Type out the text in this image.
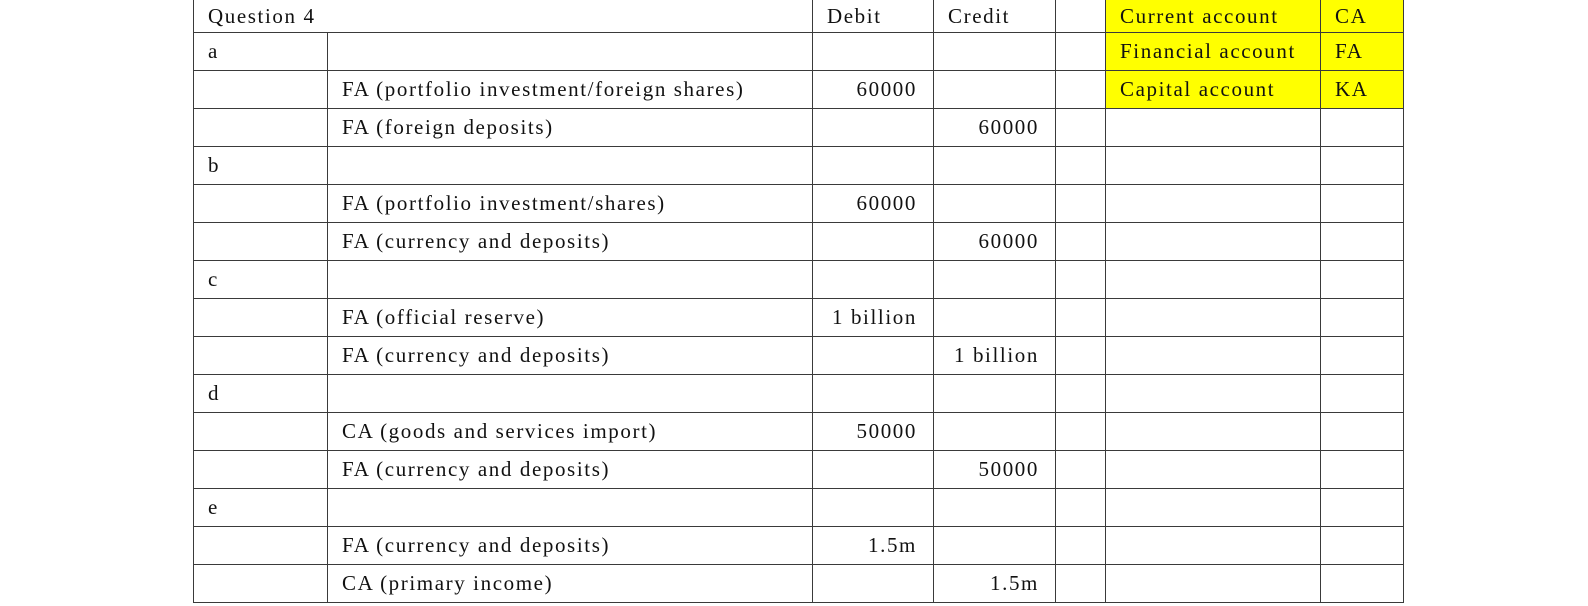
Question 4		Debit	Credit		Current account	CA
a					Financial account	FA
	FA (portfolio investment/foreign shares)	60000			Capital account	KA
	FA (foreign deposits)		60000			
b						
	FA (portfolio investment/shares)	60000				
	FA (currency and deposits)		60000			
c						
	FA (official reserve)	1 billion				
	FA (currency and deposits)		1 billion			
d						
	CA (goods and services import)	50000				
	FA (currency and deposits)		50000			
e						
	FA (currency and deposits)	1.5m				
	CA (primary income)		1.5m			
